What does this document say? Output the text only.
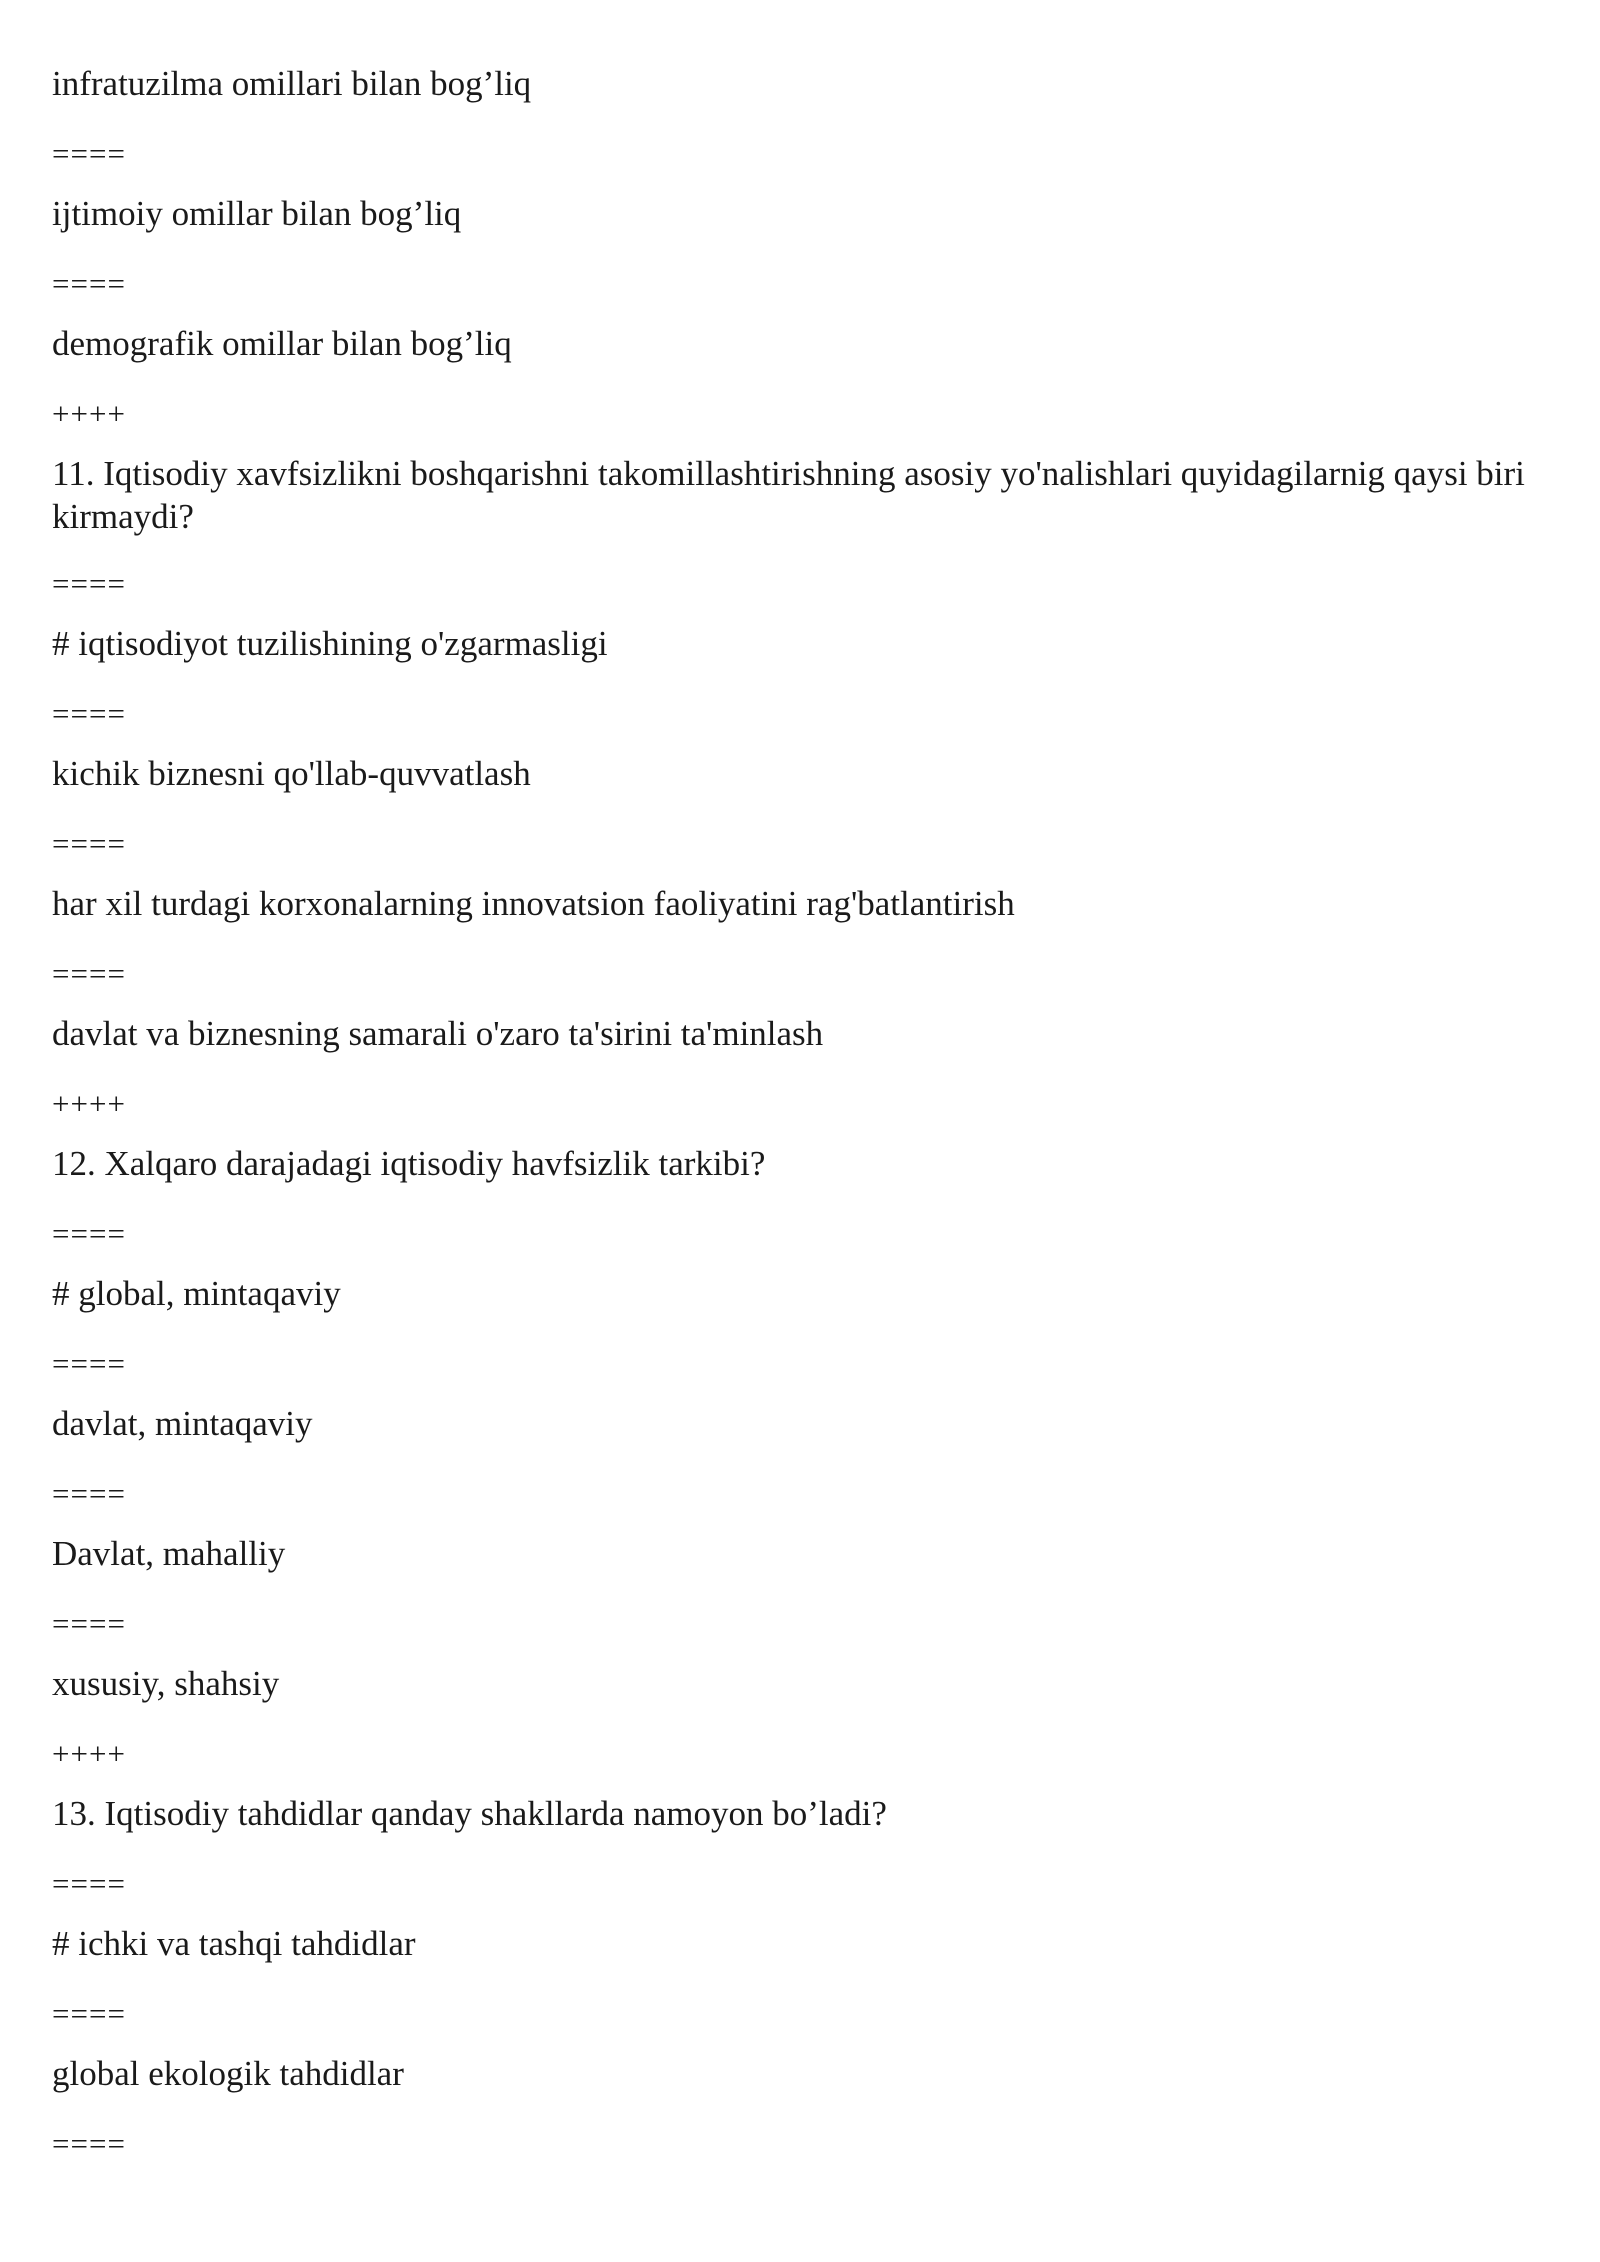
infratuzilma omillari bilan bog’liq

====

ijtimoiy omillar bilan bog’liq

====

demografik omillar bilan bog’liq

++++

11. Iqtisodiy xavfsizlikni boshqarishni takomillashtirishning asosiy yo'nalishlari quyidagilarnig qaysi biri kirmaydi?

====

# iqtisodiyot tuzilishining o'zgarmasligi

====

kichik biznesni qo'llab-quvvatlash

====

har xil turdagi korxonalarning innovatsion faoliyatini rag'batlantirish

====

davlat va biznesning samarali o'zaro ta'sirini ta'minlash

++++

12. Xalqaro darajadagi iqtisodiy havfsizlik tarkibi?

====

# global, mintaqaviy

====

davlat, mintaqaviy

====

Davlat, mahalliy

====

xususiy, shahsiy

++++

13. Iqtisodiy tahdidlar qanday shakllarda namoyon bo’ladi?

====

# ichki va tashqi tahdidlar

====

global ekologik tahdidlar

====
